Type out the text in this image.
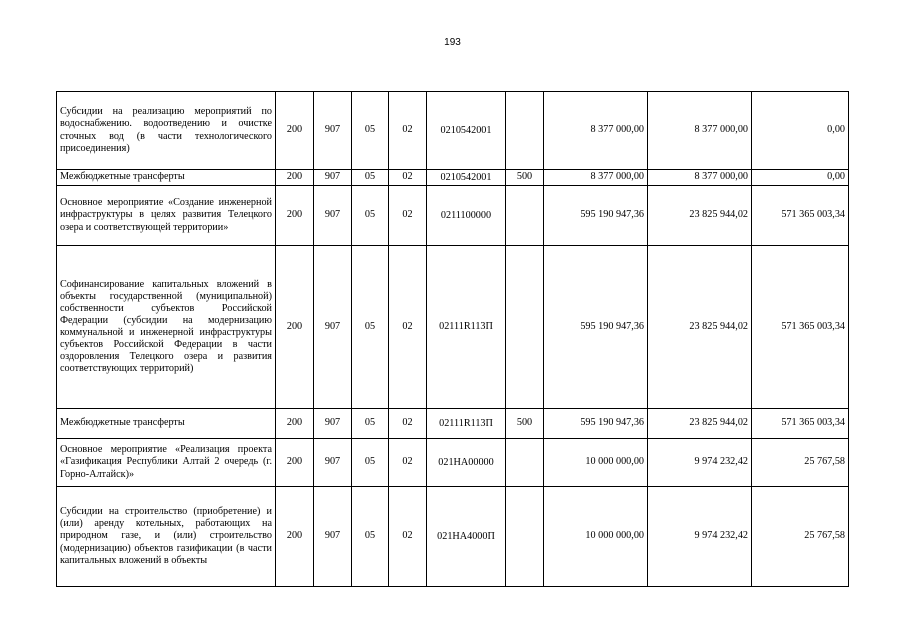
193
Субсидии на реализацию мероприятий по водоснабжению. водоотведению и очистке сточных вод (в части технологического присоединения)	200	907	05	02	0210542001		8 377 000,00	8 377 000,00	0,00
Межбюджетные трансферты	200	907	05	02	0210542001	500	8 377 000,00	8 377 000,00	0,00
Основное мероприятие «Создание инженерной инфраструктуры в целях развития Телецкого озера и соответствующей территории»	200	907	05	02	0211100000		595 190 947,36	23 825 944,02	571 365 003,34
Софинансирование капитальных вложений в объекты государственной (муниципальной) собственности субъектов Российской Федерации (субсидии на модернизацию коммунальной и инженерной инфраструктуры субъектов Российской Федерации в части оздоровления Телецкого озера и развития соответствующих территорий)	200	907	05	02	02111R113П		595 190 947,36	23 825 944,02	571 365 003,34
Межбюджетные трансферты	200	907	05	02	02111R113П	500	595 190 947,36	23 825 944,02	571 365 003,34
Основное мероприятие «Реализация проекта «Газификация Республики Алтай 2 очередь (г. Горно-Алтайск)»	200	907	05	02	021НА00000		10 000 000,00	9 974 232,42	25 767,58
Субсидии на строительство (приобретение) и (или) аренду котельных, работающих на природном газе, и (или) строительство (модернизацию) объектов газификации (в части капитальных вложений в объекты	200	907	05	02	021НА4000П		10 000 000,00	9 974 232,42	25 767,58
